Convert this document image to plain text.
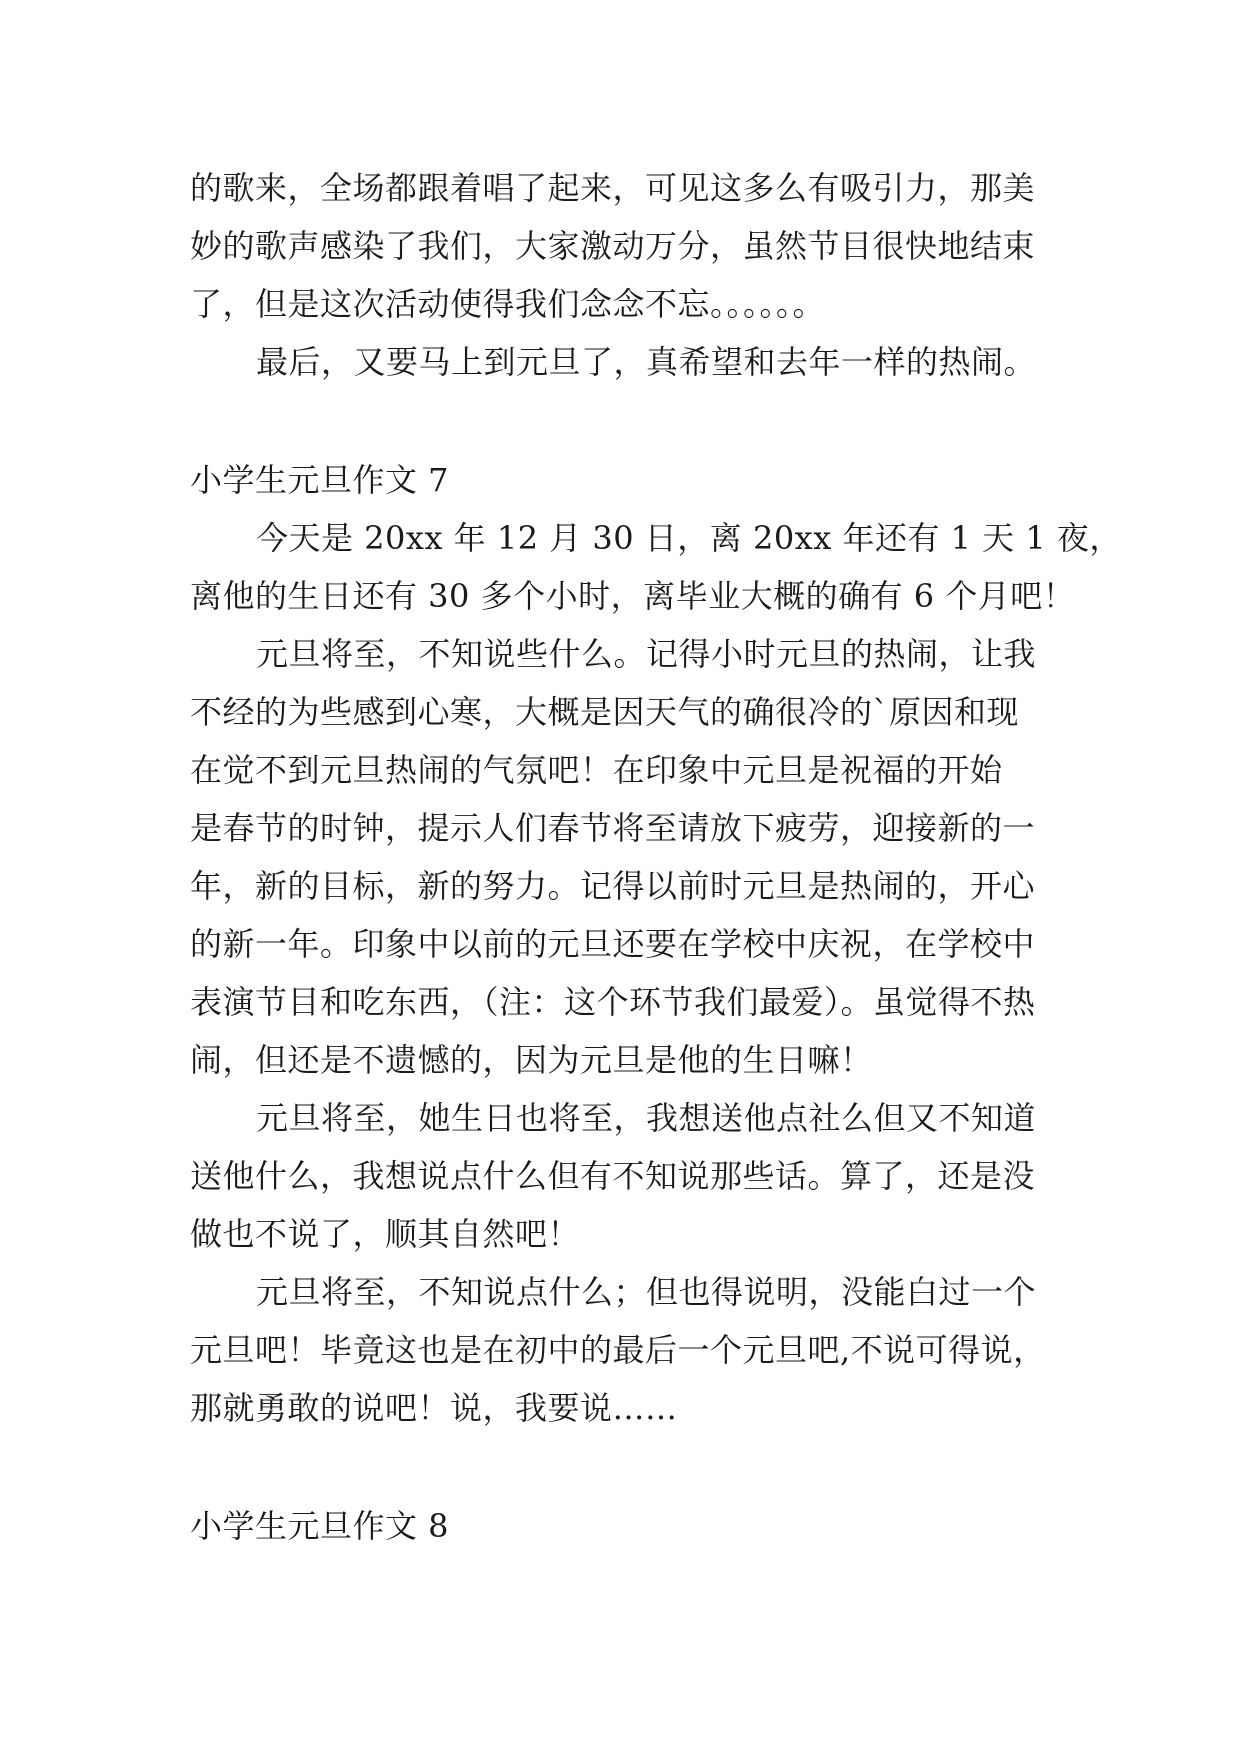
的歌来，全场都跟着唱了起来，可见这多么有吸引力，那美
妙的歌声感染了我们，大家激动万分，虽然节目很快地结束
了，但是这次活动使得我们念念不忘。。。。。。
最后，又要马上到元旦了，真希望和去年一样的热闹。
小学生元旦作文 7
今天是 20xx 年 12 月 30 日，离 20xx 年还有 1 天 1 夜，
离他的生日还有 30 多个小时，离毕业大概的确有 6 个月吧！
元旦将至，不知说些什么。记得小时元旦的热闹，让我
不经的为些感到心寒，大概是因天气的确很冷的`原因和现
在觉不到元旦热闹的气氛吧！在印象中元旦是祝福的开始
是春节的时钟，提示人们春节将至请放下疲劳，迎接新的一
年，新的目标，新的努力。记得以前时元旦是热闹的，开心
的新一年。印象中以前的元旦还要在学校中庆祝，在学校中
表演节目和吃东西，（注：这个环节我们最爱）。虽觉得不热
闹，但还是不遗憾的，因为元旦是他的生日嘛！
元旦将至，她生日也将至，我想送他点社么但又不知道
送他什么，我想说点什么但有不知说那些话。算了，还是没
做也不说了，顺其自然吧！
元旦将至，不知说点什么；但也得说明，没能白过一个
元旦吧！毕竟这也是在初中的最后一个元旦吧,不说可得说，
那就勇敢的说吧！说，我要说……
小学生元旦作文 8
